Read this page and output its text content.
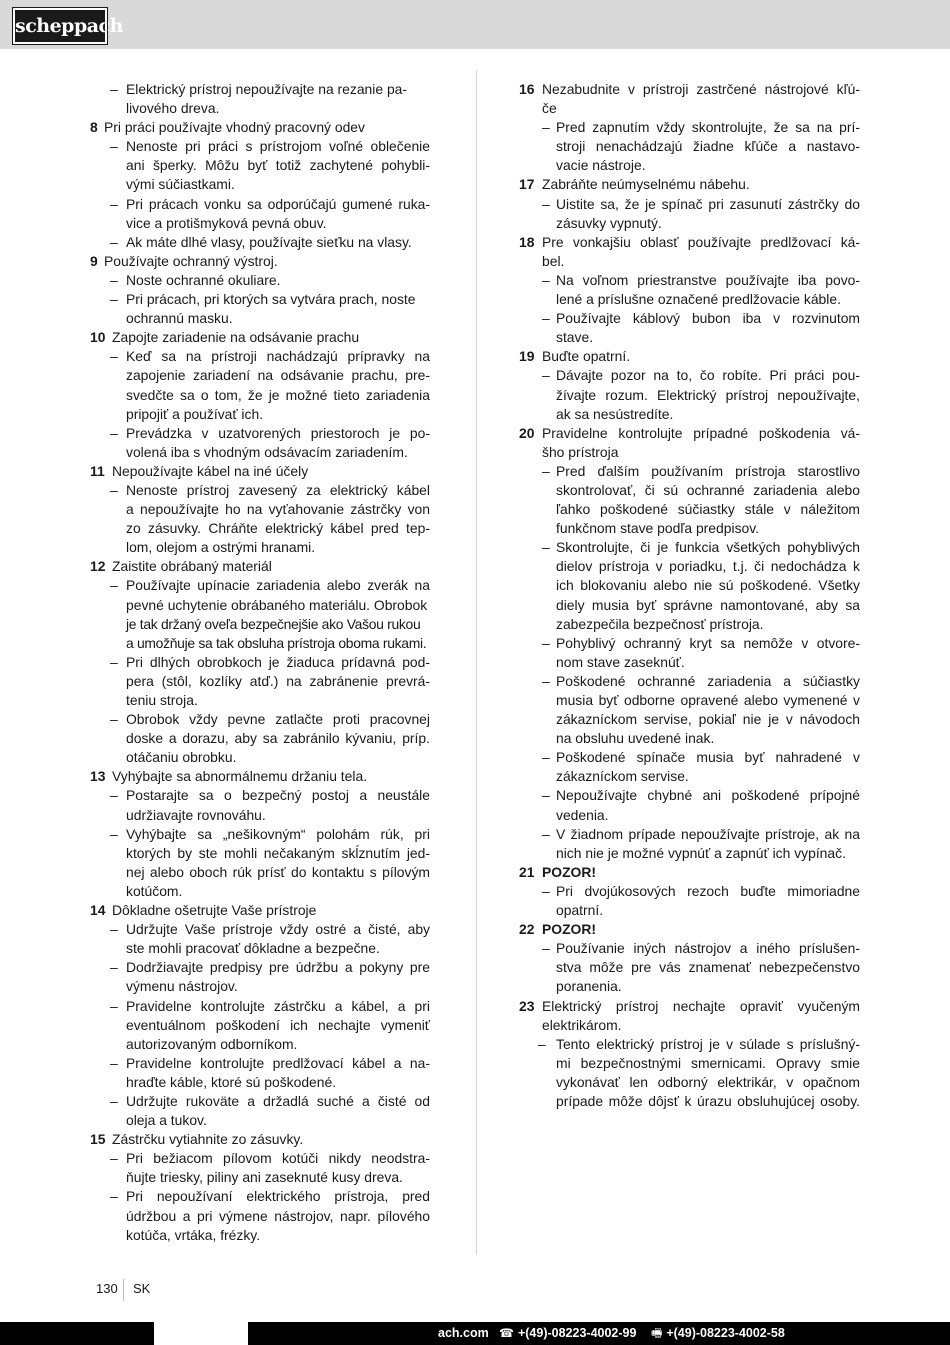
scheppach
– Elektrický prístroj nepoužívajte na rezanie pa-
livového dreva.
8 Pri práci používajte vhodný pracovný odev
– Nenoste pri práci s prístrojom voľné oblečenie
ani šperky. Môžu byť totiž zachytené pohybli-
vými súčiastkami.
– Pri prácach vonku sa odporúčajú gumené ruka-
vice a protišmyková pevná obuv.
– Ak máte dlhé vlasy, používajte sieťku na vlasy.
9 Používajte ochranný výstroj.
– Noste ochranné okuliare.
– Pri prácach, pri ktorých sa vytvára prach, noste
ochrannú masku.
10 Zapojte zariadenie na odsávanie prachu
– Keď sa na prístroji nachádzajú prípravky na
zapojenie zariadení na odsávanie prachu, pre-
svedčte sa o tom, že je možné tieto zariadenia
pripojiť a používať ich.
– Prevádzka v uzatvorených priestoroch je po-
volená iba s vhodným odsávacím zariadením.
11 Nepoužívajte kábel na iné účely
– Nenoste prístroj zavesený za elektrický kábel
a nepoužívajte ho na vyťahovanie zástrčky von
zo zásuvky. Chráňte elektrický kábel pred tep-
lom, olejom a ostrými hranami.
12 Zaistite obrábaný materiál
– Používajte upínacie zariadenia alebo zverák na
pevné uchytenie obrábaného materiálu. Obrobok
je tak držaný oveľa bezpečnejšie ako Vašou rukou
a umožňuje sa tak obsluha prístroja oboma rukami.
– Pri dlhých obrobkoch je žiaduca prídavná pod-
pera (stôl, kozlíky atď.) na zabránenie prevrá-
teniu stroja.
– Obrobok vždy pevne zatlačte proti pracovnej
doske a dorazu, aby sa zabránilo kývaniu, príp.
otáčaniu obrobku.
13 Vyhýbajte sa abnormálnemu držaniu tela.
– Postarajte sa o bezpečný postoj a neustále
udržiavajte rovnováhu.
– Vyhýbajte sa „nešikovným“ polohám rúk, pri
ktorých by ste mohli nečakaným skĺznutím jed-
nej alebo oboch rúk prísť do kontaktu s pílovým
kotúčom.
14 Dôkladne ošetrujte Vaše prístroje
– Udržujte Vaše prístroje vždy ostré a čisté, aby
ste mohli pracovať dôkladne a bezpečne.
– Dodržiavajte predpisy pre údržbu a pokyny pre
výmenu nástrojov.
– Pravidelne kontrolujte zástrčku a kábel, a pri
eventuálnom poškodení ich nechajte vymeniť
autorizovaným odborníkom.
– Pravidelne kontrolujte predlžovací kábel a na-
hraďte káble, ktoré sú poškodené.
– Udržujte rukoväte a držadlá suché a čisté od
oleja a tukov.
15 Zástrčku vytiahnite zo zásuvky.
– Pri bežiacom pílovom kotúči nikdy neodstra-
ňujte triesky, piliny ani zaseknuté kusy dreva.
– Pri nepoužívaní elektrického prístroja, pred
údržbou a pri výmene nástrojov, napr. pílového
kotúča, vrtáka, frézky.
16 Nezabudnite v prístroji zastrčené nástrojové kľú-
če
– Pred zapnutím vždy skontrolujte, že sa na prí-
stroji nenachádzajú žiadne kľúče a nastavo-
vacie nástroje.
17 Zabráňte neúmyselnému nábehu.
– Uistite sa, že je spínač pri zasunutí zástrčky do
zásuvky vypnutý.
18 Pre vonkajšiu oblasť používajte predlžovací ká-
bel.
– Na voľnom priestranstve používajte iba povo-
lené a príslušne označené predlžovacie káble.
– Používajte káblový bubon iba v rozvinutom
stave.
19 Buďte opatrní.
– Dávajte pozor na to, čo robíte. Pri práci pou-
žívajte rozum. Elektrický prístroj nepoužívajte,
ak sa nesústredíte.
20 Pravidelne kontrolujte prípadné poškodenia vá-
šho prístroja
– Pred ďalším používaním prístroja starostlivo
skontrolovať, či sú ochranné zariadenia alebo
ľahko poškodené súčiastky stále v náležitom
funkčnom stave podľa predpisov.
– Skontrolujte, či je funkcia všetkých pohyblivých
dielov prístroja v poriadku, t.j. či nedochádza k
ich blokovaniu alebo nie sú poškodené. Všetky
diely musia byť správne namontované, aby sa
zabezpečila bezpečnosť prístroja.
– Pohyblivý ochranný kryt sa nemôže v otvore-
nom stave zaseknúť.
– Poškodené ochranné zariadenia a súčiastky
musia byť odborne opravené alebo vymenené v
zákazníckom servise, pokiaľ nie je v návodoch
na obsluhu uvedené inak.
– Poškodené spínače musia byť nahradené v
zákazníckom servise.
– Nepoužívajte chybné ani poškodené prípojné
vedenia.
– V žiadnom prípade nepoužívajte prístroje, ak na
nich nie je možné vypnúť a zapnúť ich vypínač.
21 POZOR!
– Pri dvojúkosových rezoch buďte mimoriadne
opatrní.
22 POZOR!
– Používanie iných nástrojov a iného príslušen-
stva môže pre vás znamenať nebezpečenstvo
poranenia.
23 Elektrický prístroj nechajte opraviť vyučeným
elektrikárom.
– Tento elektrický prístroj je v súlade s príslušný-
mi bezpečnostnými smernicami. Opravy smie
vykonávať len odborný elektrikár, v opačnom
prípade môže dôjsť k úrazu obsluhujúcej osoby.
130 SK
ach.com ☎ +(49)-08223-4002-99 🖷 +(49)-08223-4002-58
